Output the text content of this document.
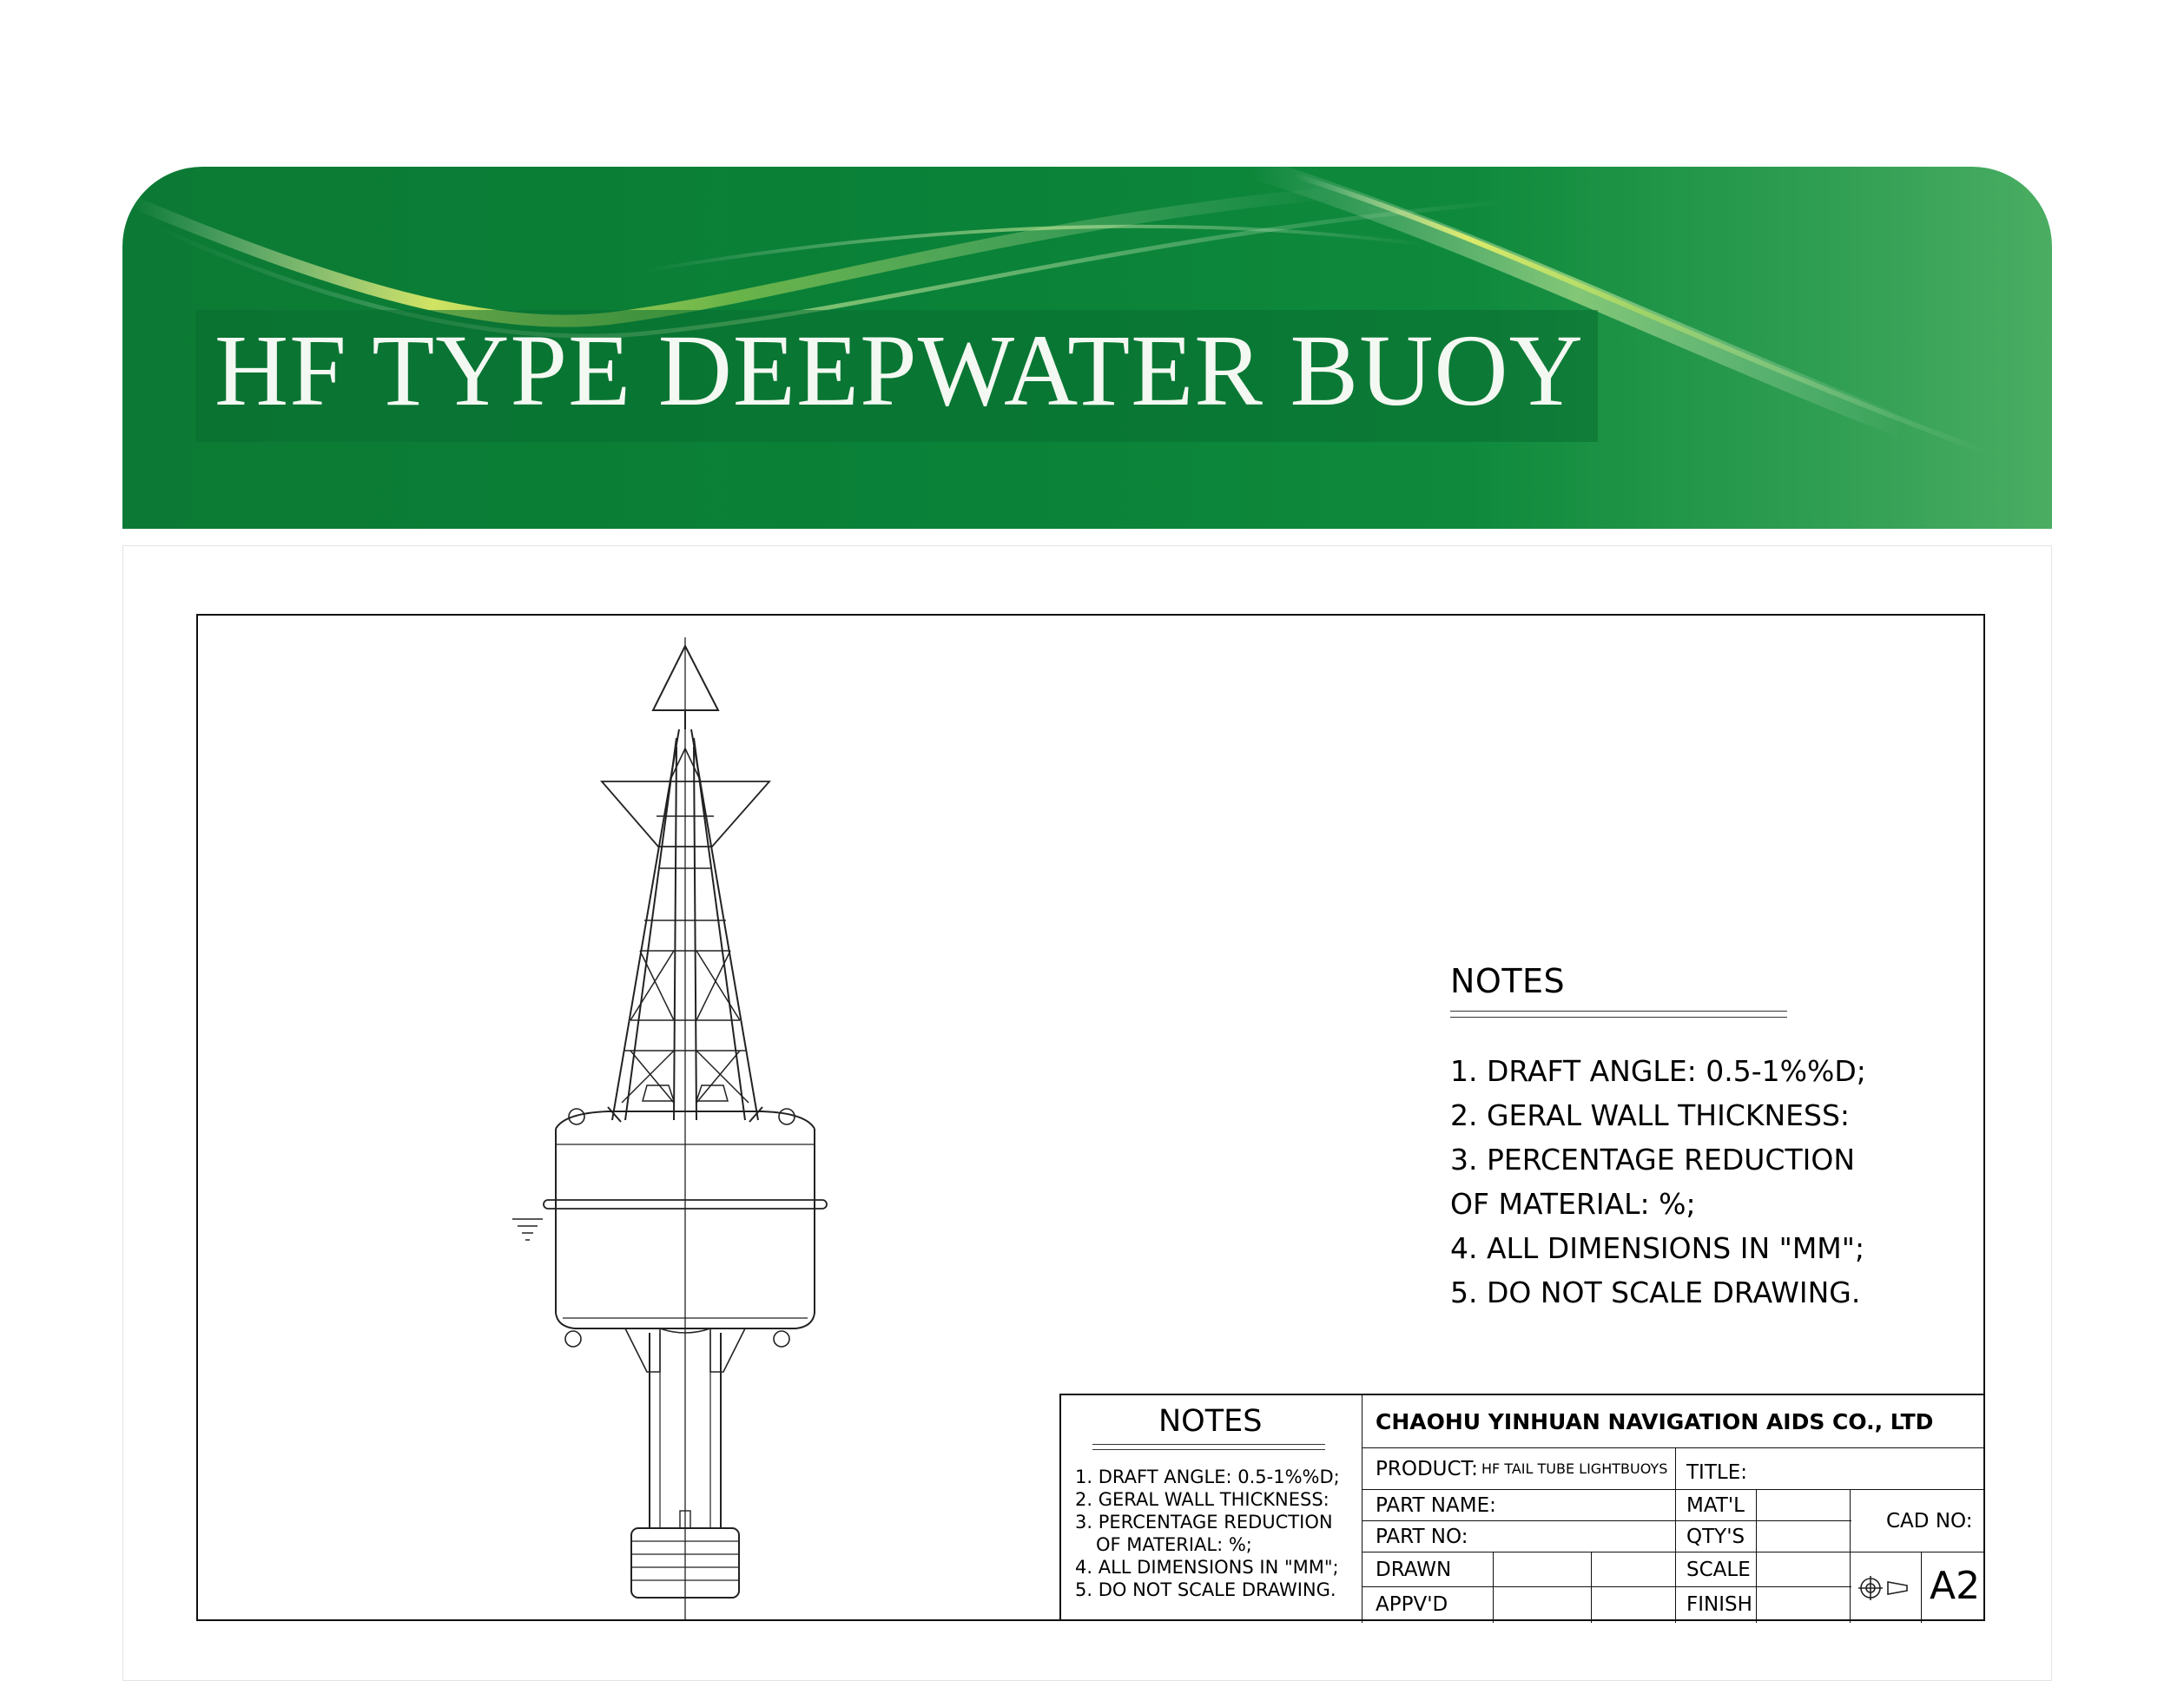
HF TYPE DEEPWATER BUOY
NOTES
1. DRAFT ANGLE: 0.5-1%%D;
2. GERAL WALL THICKNESS:
3. PERCENTAGE REDUCTION
OF MATERIAL: %;
4. ALL DIMENSIONS IN "MM";
5. DO NOT SCALE DRAWING.
NOTES
1. DRAFT ANGLE: 0.5-1%%D;
2. GERAL WALL THICKNESS:
3. PERCENTAGE REDUCTION
OF MATERIAL: %;
4. ALL DIMENSIONS IN "MM";
5. DO NOT SCALE DRAWING.
CHAOHU YINHUAN NAVIGATION AIDS CO., LTD
PRODUCT: HF TAIL TUBE LIGHTBUOYS
PART NAME:
PART NO:
DRAWN
APPV'D
TITLE:
MAT'L
QTY'S
SCALE
FINISH
CAD NO:
A2
